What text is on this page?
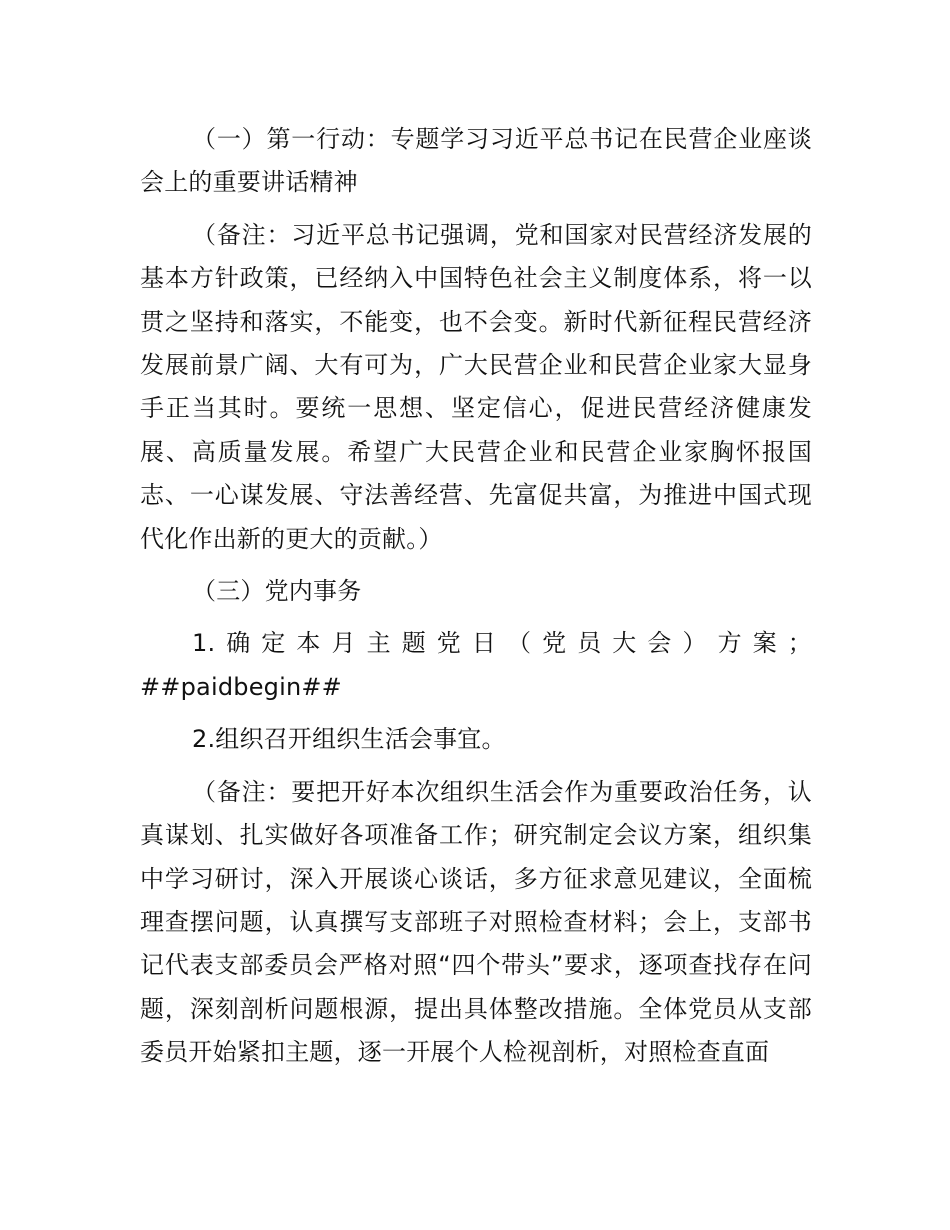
（一）第一行动：专题学习习近平总书记在民营企业座谈会上的重要讲话精神

（备注：习近平总书记强调，党和国家对民营经济发展的基本方针政策，已经纳入中国特色社会主义制度体系，将一以贯之坚持和落实，不能变，也不会变。新时代新征程民营经济发展前景广阔、大有可为，广大民营企业和民营企业家大显身手正当其时。要统一思想、坚定信心，促进民营经济健康发展、高质量发展。希望广大民营企业和民营企业家胸怀报国志、一心谋发展、守法善经营、先富促共富，为推进中国式现代化作出新的更大的贡献。）

（三）党内事务

1.确定本月主题党日（党员大会）方案；

##paidbegin##

2.组织召开组织生活会事宜。

（备注：要把开好本次组织生活会作为重要政治任务，认真谋划、扎实做好各项准备工作；研究制定会议方案，组织集中学习研讨，深入开展谈心谈话，多方征求意见建议，全面梳理查摆问题，认真撰写支部班子对照检查材料；会上，支部书记代表支部委员会严格对照“四个带头”要求，逐项查找存在问题，深刻剖析问题根源，提出具体整改措施。全体党员从支部委员开始紧扣主题，逐一开展个人检视剖析，对照检查直面
